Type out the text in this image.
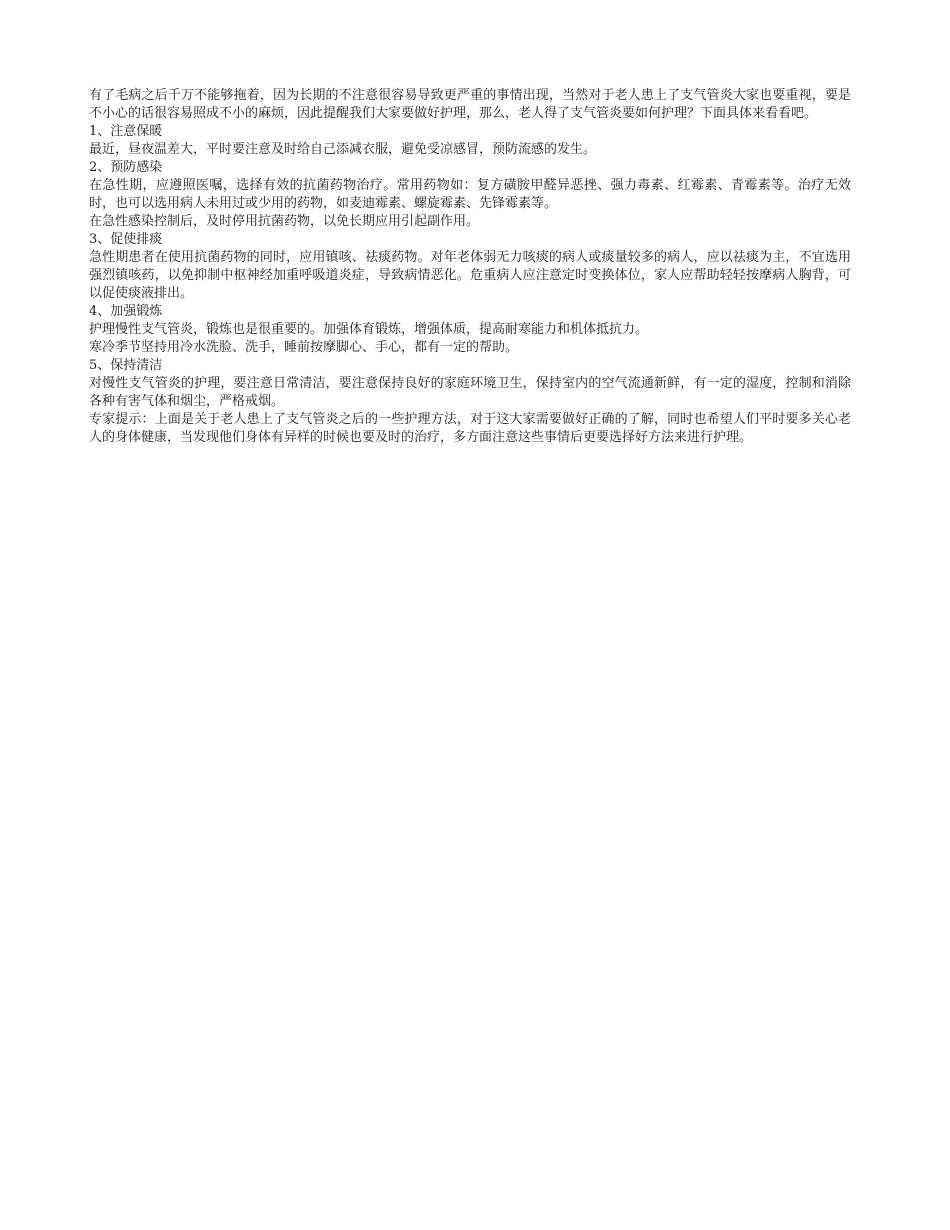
有了毛病之后千万不能够拖着，因为长期的不注意很容易导致更严重的事情出现，当然对于老人患上了支气管炎大家也要重视，要是不小心的话很容易照成不小的麻烦，因此提醒我们大家要做好护理，那么，老人得了支气管炎要如何护理？下面具体来看看吧。

1、注意保暖

最近，昼夜温差大，平时要注意及时给自己添减衣服，避免受凉感冒，预防流感的发生。

2、预防感染

在急性期，应遵照医嘱，选择有效的抗菌药物治疗。常用药物如：复方磺胺甲醛异恶挫、强力毒素、红霉素、青霉素等。治疗无效时，也可以选用病人未用过或少用的药物，如麦迪霉素、螺旋霉素、先锋霉素等。

在急性感染控制后，及时停用抗菌药物，以免长期应用引起副作用。

3、促使排痰

急性期患者在使用抗菌药物的同时，应用镇咳、祛痰药物。对年老体弱无力咳痰的病人或痰量较多的病人，应以祛痰为主，不宜选用强烈镇咳药，以免抑制中枢神经加重呼吸道炎症，导致病情恶化。危重病人应注意定时变换体位，家人应帮助轻轻按摩病人胸背，可以促使痰液排出。

4、加强锻炼

护理慢性支气管炎，锻炼也是很重要的。加强体育锻炼，增强体质，提高耐寒能力和机体抵抗力。

寒冷季节坚持用冷水洗脸、洗手，睡前按摩脚心、手心，都有一定的帮助。

5、保持清洁

对慢性支气管炎的护理，要注意日常清洁，要注意保持良好的家庭环境卫生，保持室内的空气流通新鲜，有一定的湿度，控制和消除各种有害气体和烟尘，严格戒烟。

专家提示：上面是关于老人患上了支气管炎之后的一些护理方法，对于这大家需要做好正确的了解，同时也希望人们平时要多关心老人的身体健康，当发现他们身体有异样的时候也要及时的治疗，多方面注意这些事情后更要选择好方法来进行护理。
